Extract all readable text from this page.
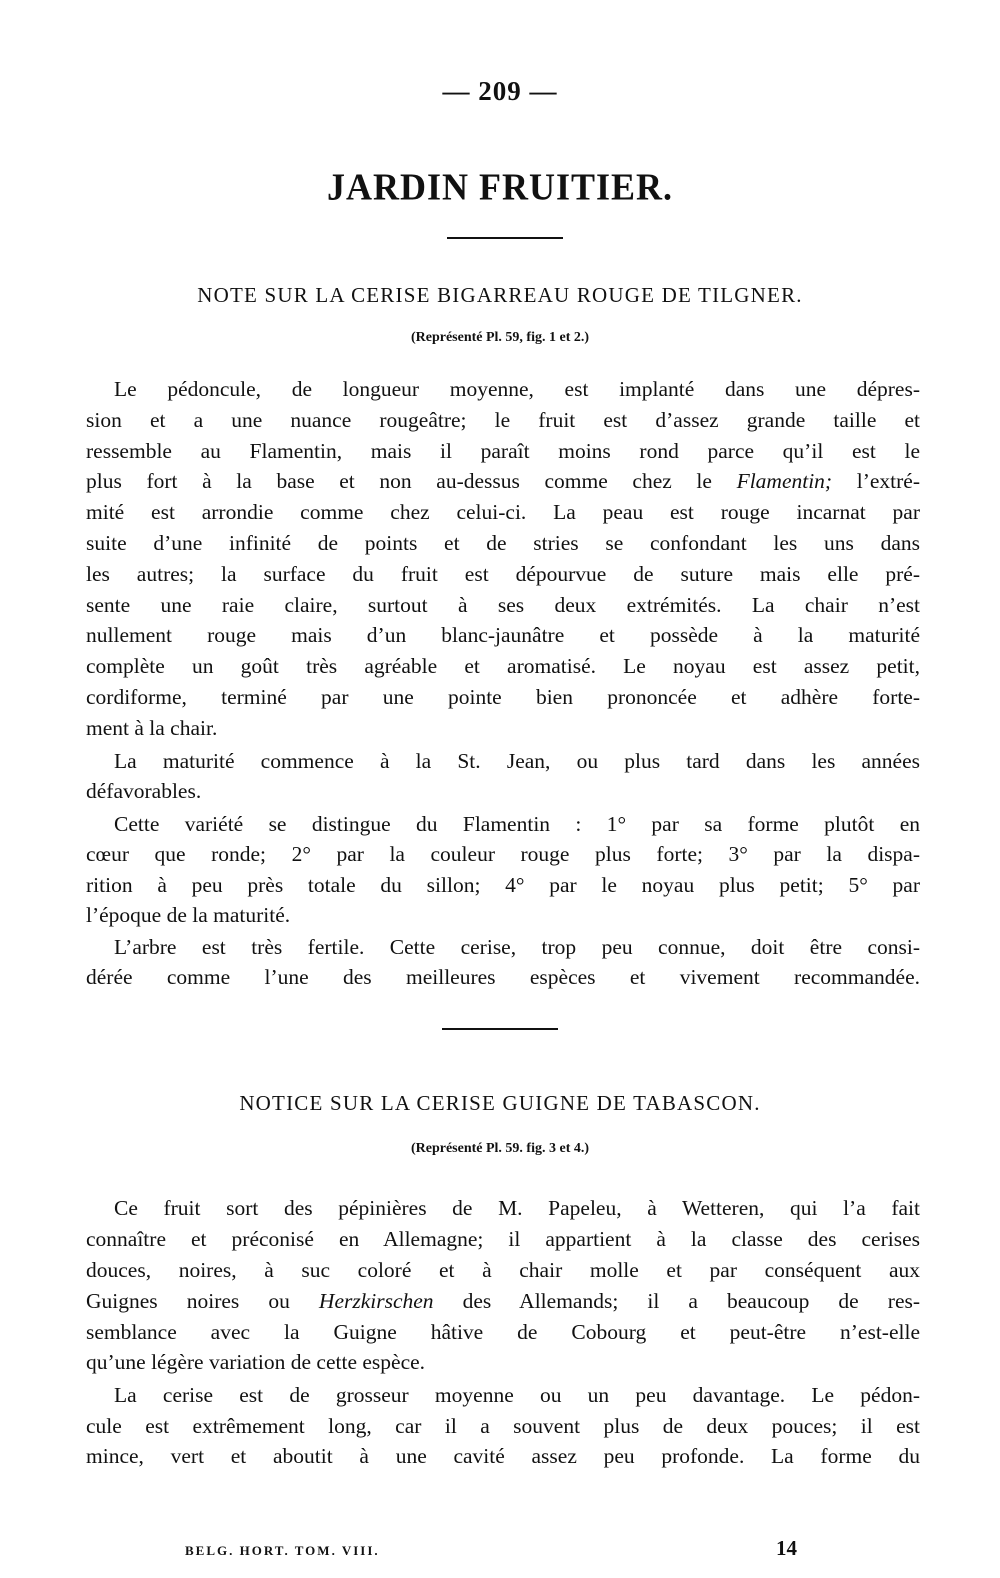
— 209 —
JARDIN FRUITIER.
NOTE SUR LA CERISE BIGARREAU ROUGE DE TILGNER.
(Représenté Pl. 59, fig. 1 et 2.)
Le pédoncule, de longueur moyenne, est implanté dans une dépres-
sion et a une nuance rougeâtre; le fruit est d’assez grande taille et
ressemble au Flamentin, mais il paraît moins rond parce qu’il est le
plus fort à la base et non au-dessus comme chez le Flamentin; l’extré-
mité est arrondie comme chez celui-ci. La peau est rouge incarnat par
suite d’une infinité de points et de stries se confondant les uns dans
les autres; la surface du fruit est dépourvue de suture mais elle pré-
sente une raie claire, surtout à ses deux extrémités. La chair n’est
nullement rouge mais d’un blanc-jaunâtre et possède à la maturité
complète un goût très agréable et aromatisé. Le noyau est assez petit,
cordiforme, terminé par une pointe bien prononcée et adhère forte-
ment à la chair.
La maturité commence à la St. Jean, ou plus tard dans les années
défavorables.
Cette variété se distingue du Flamentin : 1° par sa forme plutôt en
cœur que ronde; 2° par la couleur rouge plus forte; 3° par la dispa-
rition à peu près totale du sillon; 4° par le noyau plus petit; 5° par
l’époque de la maturité.
L’arbre est très fertile. Cette cerise, trop peu connue, doit être consi-
dérée comme l’une des meilleures espèces et vivement recommandée.
NOTICE SUR LA CERISE GUIGNE DE TABASCON.
(Représenté Pl. 59. fig. 3 et 4.)
Ce fruit sort des pépinières de M. Papeleu, à Wetteren, qui l’a fait
connaître et préconisé en Allemagne; il appartient à la classe des cerises
douces, noires, à suc coloré et à chair molle et par conséquent aux
Guignes noires ou Herzkirschen des Allemands; il a beaucoup de res-
semblance avec la Guigne hâtive de Cobourg et peut-être n’est-elle
qu’une légère variation de cette espèce.
La cerise est de grosseur moyenne ou un peu davantage. Le pédon-
cule est extrêmement long, car il a souvent plus de deux pouces; il est
mince, vert et aboutit à une cavité assez peu profonde. La forme du
BELG. HORT. TOM. VIII.	14
